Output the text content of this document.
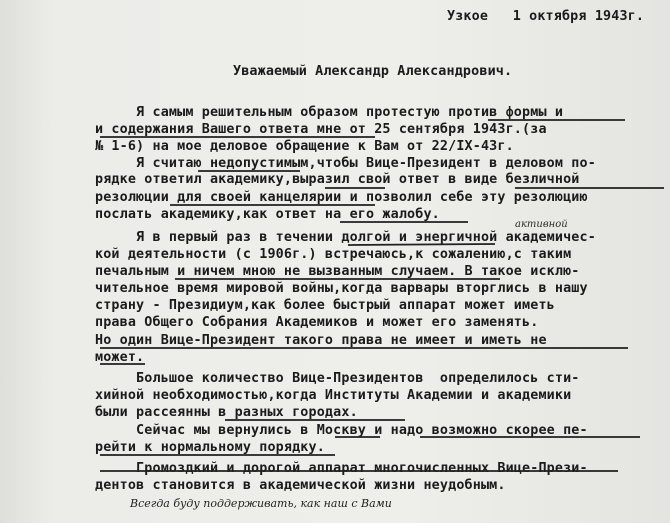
Узкое   1 октября 1943г.
Уважаемый Александр Александрович.
Я самым решительным образом протестую против формы и
и содержания Вашего ответа мне от 25 сентября 1943г.(за
№ 1-6) на мое деловое обращение к Вам от 22/IX-43г.
Я считаю недопустимым,чтобы Вице-Президент в деловом по-
рядке ответил академику,выразил свой ответ в виде безличной
резолюции для своей канцелярии и позволил себе эту резолюцию
послать академику,как ответ на его жалобу.
активной
Я в первый раз в течении долгой и энергичной академичес-
кой деятельности (с 1906г.) встречаюсь,к сожалению,с таким
печальным и ничем мною не вызванным случаем. В такое исклю-
чительное время мировой войны,когда варвары вторглись в нашу
страну - Президиум,как более быстрый аппарат может иметь
права Общего Собрания Академиков и может его заменять.
Но один Вице-Президент такого права не имеет и иметь не
может.
Большое количество Вице-Президентов  определилось сти-
хийной необходимостью,когда Институты Академии и академики
были рассеянны в разных городах.
Сейчас мы вернулись в Москву и надо возможно скорее пе-
рейти к нормальному порядку.
Громоздкий и дорогой аппарат многочисленных Вице-Прези-
дентов становится в академической жизни неудобным.
Всегда буду поддерживать, как наш с Вами
